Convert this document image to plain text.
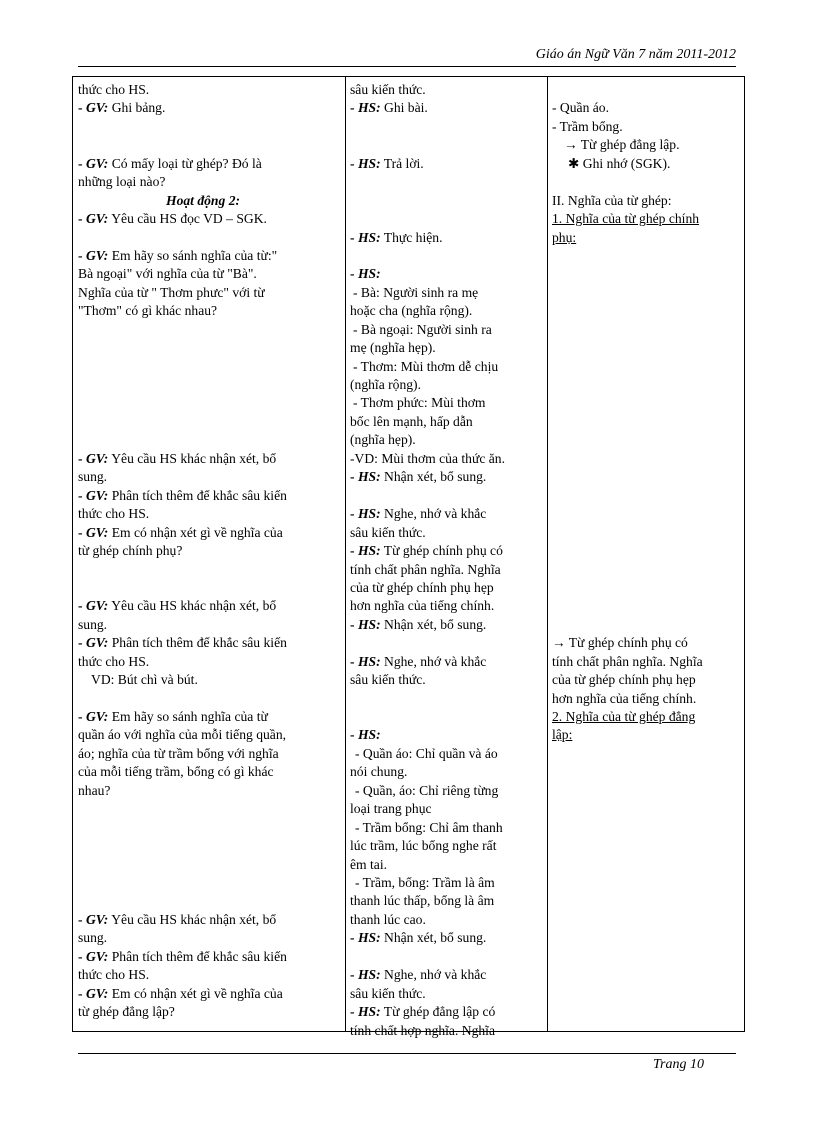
Giáo án Ngữ Văn 7 năm 2011-2012
thức cho HS.
- GV: Ghi bảng.
- GV: Có mấy loại từ ghép? Đó là
những loại nào?
Hoạt động 2:
- GV: Yêu cầu HS đọc VD – SGK.
- GV: Em hãy so sánh nghĩa của từ:"
Bà ngoại" với nghĩa của từ "Bà".
Nghĩa của từ " Thơm phưc" với từ
"Thơm" có gì khác nhau?
- GV: Yêu cầu HS khác nhận xét, bổ
sung.
- GV: Phân tích thêm để khắc sâu kiến
thức cho HS.
- GV: Em có nhận xét gì về nghĩa của
từ ghép chính phụ?
- GV: Yêu cầu HS khác nhận xét, bổ
sung.
- GV: Phân tích thêm để khắc sâu kiến
thức cho HS.
VD: Bút chì và bút.
- GV: Em hãy so sánh nghĩa của từ
quần áo với nghĩa của mỗi tiếng quần,
áo; nghĩa của từ trầm bổng với nghĩa
của mỗi tiếng trầm, bổng có gì khác
nhau?
- GV: Yêu cầu HS khác nhận xét, bổ
sung.
- GV: Phân tích thêm để khắc sâu kiến
thức cho HS.
- GV: Em có nhận xét gì về nghĩa của
từ ghép đẳng lập?
sâu kiến thức.
- HS: Ghi bài.
- HS: Trả lời.
- HS: Thực hiện.
- HS:
- Bà: Người sinh ra mẹ
hoặc cha (nghĩa rộng).
- Bà ngoại: Người sinh ra
mẹ (nghĩa hẹp).
- Thơm: Mùi thơm dễ chịu
(nghĩa rộng).
- Thơm phức: Mùi thơm
bốc lên mạnh, hấp dẫn
(nghĩa hẹp).
-VD: Mùi thơm của thức ăn.
- HS: Nhận xét, bổ sung.
- HS: Nghe, nhớ và khắc
sâu kiến thức.
- HS: Từ ghép chính phụ có
tính chất phân nghĩa. Nghĩa
của từ ghép chính phụ hẹp
hơn nghĩa của tiếng chính.
- HS: Nhận xét, bổ sung.
- HS: Nghe, nhớ và khắc
sâu kiến thức.
- HS:
- Quần áo: Chỉ quần và áo
nói chung.
- Quần, áo: Chỉ riêng từng
loại trang phục
- Trầm bổng: Chỉ âm thanh
lúc trầm, lúc bổng nghe rất
êm tai.
- Trầm, bổng: Trầm là âm
thanh lúc thấp, bổng là âm
thanh lúc cao.
- HS: Nhận xét, bổ sung.
- HS: Nghe, nhớ và khắc
sâu kiến thức.
- HS: Từ ghép đẳng lập có
tính chất hợp nghĩa. Nghĩa
- Quần áo.
- Trầm bổng.
→ Từ ghép đẳng lập.
✱ Ghi nhớ (SGK).
II. Nghĩa của từ ghép:
1. Nghĩa của từ ghép chính
phụ:
→ Từ ghép chính phụ có
tính chất phân nghĩa. Nghĩa
của từ ghép chính phụ hẹp
hơn nghĩa của tiếng chính.
2. Nghĩa của từ ghép đẳng
lập:
Trang 10
